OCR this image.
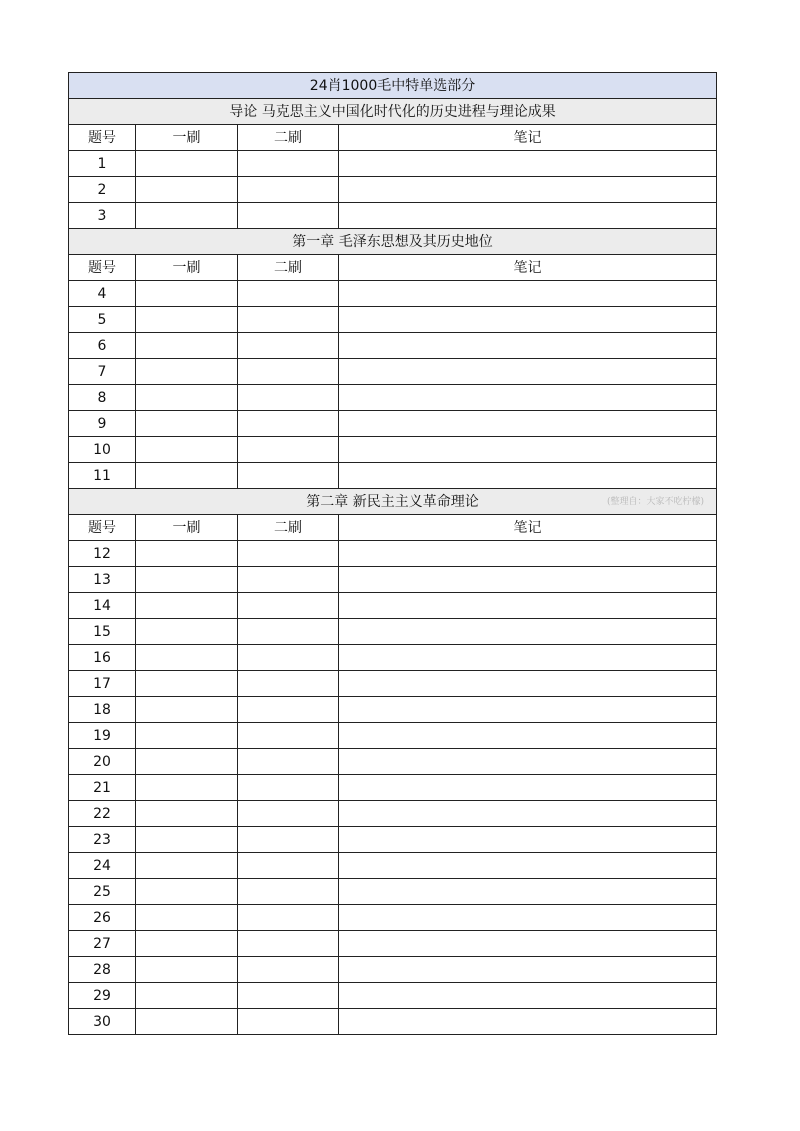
24肖1000毛中特单选部分			
导论 马克思主义中国化时代化的历史进程与理论成果			
题号	一刷	二刷	笔记
1			
2			
3			
第一章 毛泽东思想及其历史地位			
题号	一刷	二刷	笔记
4			
5			
6			
7			
8			
9			
10			
11			
第二章 新民主主义革命理论 (整理自：大家不吃柠檬)			

题号	一刷	二刷	笔记
12			
13			
14			
15			
16			
17			
18			
19			
20			
21			
22			
23			
24			
25			
26			
27			
28			
29			
30			
